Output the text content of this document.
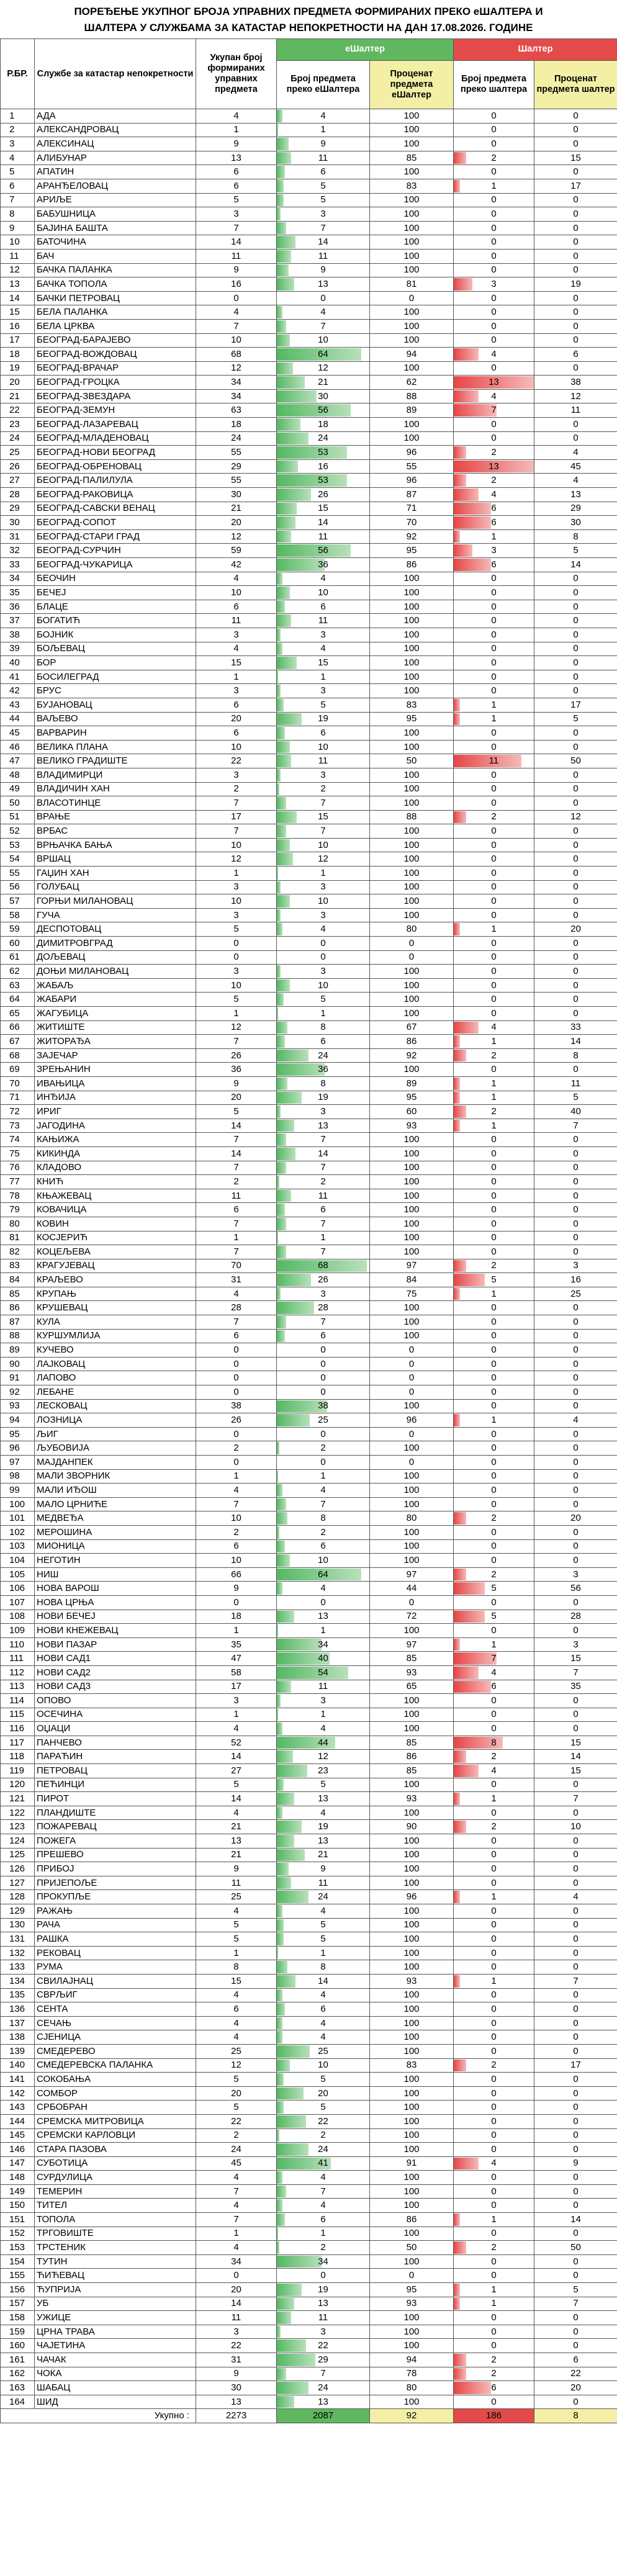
ПОРЕЂЕЊЕ УКУПНОГ БРОЈА УПРАВНИХ ПРЕДМЕТА ФОРМИРАНИХ ПРЕКО еШАЛТЕРА И
ШАЛТЕРА У СЛУЖБАМА ЗА КАТАСТАР НЕПОКРЕТНОСТИ НА ДАН 17.08.2026. ГОДИНЕ
Р.БР.	Службе за катастар непокретности	Укупан број формираних управних предмета	еШалтер		Шалтер	
			Број предмета преко еШалтера	Проценат предмета еШалтер	Број предмета преко шалтера	Проценат предмета шалтер
1	АДА	4	4	100	0	0
2	АЛЕКСАНДРОВАЦ	1	1	100	0	0
3	АЛЕКСИНАЦ	9	9	100	0	0
4	АЛИБУНАР	13	11	85	2	15
5	АПАТИН	6	6	100	0	0
6	АРАНЂЕЛОВАЦ	6	5	83	1	17
7	АРИЉЕ	5	5	100	0	0
8	БАБУШНИЦА	3	3	100	0	0
9	БАЈИНА БАШТА	7	7	100	0	0
10	БАТОЧИНА	14	14	100	0	0
11	БАЧ	11	11	100	0	0
12	БАЧКА ПАЛАНКА	9	9	100	0	0
13	БАЧКА ТОПОЛА	16	13	81	3	19
14	БАЧКИ ПЕТРОВАЦ	0	0	0	0	0
15	БЕЛА ПАЛАНКА	4	4	100	0	0
16	БЕЛА ЦРКВА	7	7	100	0	0
17	БЕОГРАД-БАРАЈЕВО	10	10	100	0	0
18	БЕОГРАД-ВОЖДОВАЦ	68	64	94	4	6
19	БЕОГРАД-ВРАЧАР	12	12	100	0	0
20	БЕОГРАД-ГРОЦКА	34	21	62	13	38
21	БЕОГРАД-ЗВЕЗДАРА	34	30	88	4	12
22	БЕОГРАД-ЗЕМУН	63	56	89	7	11
23	БЕОГРАД-ЛАЗАРЕВАЦ	18	18	100	0	0
24	БЕОГРАД-МЛАДЕНОВАЦ	24	24	100	0	0
25	БЕОГРАД-НОВИ БЕОГРАД	55	53	96	2	4
26	БЕОГРАД-ОБРЕНОВАЦ	29	16	55	13	45
27	БЕОГРАД-ПАЛИЛУЛА	55	53	96	2	4
28	БЕОГРАД-РАКОВИЦА	30	26	87	4	13
29	БЕОГРАД-САВСКИ ВЕНАЦ	21	15	71	6	29
30	БЕОГРАД-СОПОТ	20	14	70	6	30
31	БЕОГРАД-СТАРИ ГРАД	12	11	92	1	8
32	БЕОГРАД-СУРЧИН	59	56	95	3	5
33	БЕОГРАД-ЧУКАРИЦА	42	36	86	6	14
34	БЕОЧИН	4	4	100	0	0
35	БЕЧЕЈ	10	10	100	0	0
36	БЛАЦЕ	6	6	100	0	0
37	БОГАТИЋ	11	11	100	0	0
38	БОЈНИК	3	3	100	0	0
39	БОЉЕВАЦ	4	4	100	0	0
40	БОР	15	15	100	0	0
41	БОСИЛЕГРАД	1	1	100	0	0
42	БРУС	3	3	100	0	0
43	БУЈАНОВАЦ	6	5	83	1	17
44	ВАЉЕВО	20	19	95	1	5
45	ВАРВАРИН	6	6	100	0	0
46	ВЕЛИКА ПЛАНА	10	10	100	0	0
47	ВЕЛИКО ГРАДИШТЕ	22	11	50	11	50
48	ВЛАДИМИРЦИ	3	3	100	0	0
49	ВЛАДИЧИН ХАН	2	2	100	0	0
50	ВЛАСОТИНЦЕ	7	7	100	0	0
51	ВРАЊЕ	17	15	88	2	12
52	ВРБАС	7	7	100	0	0
53	ВРЊАЧКА БАЊА	10	10	100	0	0
54	ВРШАЦ	12	12	100	0	0
55	ГАЏИН ХАН	1	1	100	0	0
56	ГОЛУБАЦ	3	3	100	0	0
57	ГОРЊИ МИЛАНОВАЦ	10	10	100	0	0
58	ГУЧА	3	3	100	0	0
59	ДЕСПОТОВАЦ	5	4	80	1	20
60	ДИМИТРОВГРАД	0	0	0	0	0
61	ДОЉЕВАЦ	0	0	0	0	0
62	ДОЊИ МИЛАНОВАЦ	3	3	100	0	0
63	ЖАБАЉ	10	10	100	0	0
64	ЖАБАРИ	5	5	100	0	0
65	ЖАГУБИЦА	1	1	100	0	0
66	ЖИТИШТЕ	12	8	67	4	33
67	ЖИТОРАЂА	7	6	86	1	14
68	ЗАЈЕЧАР	26	24	92	2	8
69	ЗРЕЊАНИН	36	36	100	0	0
70	ИВАЊИЦА	9	8	89	1	11
71	ИНЂИЈА	20	19	95	1	5
72	ИРИГ	5	3	60	2	40
73	ЈАГОДИНА	14	13	93	1	7
74	КАЊИЖА	7	7	100	0	0
75	КИКИНДА	14	14	100	0	0
76	КЛАДОВО	7	7	100	0	0
77	КНИЋ	2	2	100	0	0
78	КЊАЖЕВАЦ	11	11	100	0	0
79	КОВАЧИЦА	6	6	100	0	0
80	КОВИН	7	7	100	0	0
81	КОСЈЕРИЋ	1	1	100	0	0
82	КОЦЕЉЕВА	7	7	100	0	0
83	КРАГУЈЕВАЦ	70	68	97	2	3
84	КРАЉЕВО	31	26	84	5	16
85	КРУПАЊ	4	3	75	1	25
86	КРУШЕВАЦ	28	28	100	0	0
87	КУЛА	7	7	100	0	0
88	КУРШУМЛИЈА	6	6	100	0	0
89	КУЧЕВО	0	0	0	0	0
90	ЛАЈКОВАЦ	0	0	0	0	0
91	ЛАПОВО	0	0	0	0	0
92	ЛЕБАНЕ	0	0	0	0	0
93	ЛЕСКОВАЦ	38	38	100	0	0
94	ЛОЗНИЦА	26	25	96	1	4
95	ЉИГ	0	0	0	0	0
96	ЉУБОВИЈА	2	2	100	0	0
97	МАЈДАНПЕК	0	0	0	0	0
98	МАЛИ ЗВОРНИК	1	1	100	0	0
99	МАЛИ ИЂОШ	4	4	100	0	0
100	МАЛО ЦРНИЋЕ	7	7	100	0	0
101	МЕДВЕЂА	10	8	80	2	20
102	МЕРОШИНА	2	2	100	0	0
103	МИОНИЦА	6	6	100	0	0
104	НЕГОТИН	10	10	100	0	0
105	НИШ	66	64	97	2	3
106	НОВА ВАРОШ	9	4	44	5	56
107	НОВА ЦРЊА	0	0	0	0	0
108	НОВИ БЕЧЕЈ	18	13	72	5	28
109	НОВИ КНЕЖЕВАЦ	1	1	100	0	0
110	НОВИ ПАЗАР	35	34	97	1	3
111	НОВИ САД1	47	40	85	7	15
112	НОВИ САД2	58	54	93	4	7
113	НОВИ САД3	17	11	65	6	35
114	ОПОВО	3	3	100	0	0
115	ОСЕЧИНА	1	1	100	0	0
116	ОЏАЦИ	4	4	100	0	0
117	ПАНЧЕВО	52	44	85	8	15
118	ПАРАЋИН	14	12	86	2	14
119	ПЕТРОВАЦ	27	23	85	4	15
120	ПЕЋИНЦИ	5	5	100	0	0
121	ПИРОТ	14	13	93	1	7
122	ПЛАНДИШТЕ	4	4	100	0	0
123	ПОЖАРЕВАЦ	21	19	90	2	10
124	ПОЖЕГА	13	13	100	0	0
125	ПРЕШЕВО	21	21	100	0	0
126	ПРИБОЈ	9	9	100	0	0
127	ПРИЈЕПОЉЕ	11	11	100	0	0
128	ПРОКУПЉЕ	25	24	96	1	4
129	РАЖАЊ	4	4	100	0	0
130	РАЧА	5	5	100	0	0
131	РАШКА	5	5	100	0	0
132	РЕКОВАЦ	1	1	100	0	0
133	РУМА	8	8	100	0	0
134	СВИЛАЈНАЦ	15	14	93	1	7
135	СВРЉИГ	4	4	100	0	0
136	СЕНТА	6	6	100	0	0
137	СЕЧАЊ	4	4	100	0	0
138	СЈЕНИЦА	4	4	100	0	0
139	СМЕДЕРЕВО	25	25	100	0	0
140	СМЕДЕРЕВСКА ПАЛАНКА	12	10	83	2	17
141	СОКОБАЊА	5	5	100	0	0
142	СОМБОР	20	20	100	0	0
143	СРБОБРАН	5	5	100	0	0
144	СРЕМСКА МИТРОВИЦА	22	22	100	0	0
145	СРЕМСКИ КАРЛОВЦИ	2	2	100	0	0
146	СТАРА ПАЗОВА	24	24	100	0	0
147	СУБОТИЦА	45	41	91	4	9
148	СУРДУЛИЦА	4	4	100	0	0
149	ТЕМЕРИН	7	7	100	0	0
150	ТИТЕЛ	4	4	100	0	0
151	ТОПОЛА	7	6	86	1	14
152	ТРГОВИШТЕ	1	1	100	0	0
153	ТРСТЕНИК	4	2	50	2	50
154	ТУТИН	34	34	100	0	0
155	ЋИЋЕВАЦ	0	0	0	0	0
156	ЋУПРИЈА	20	19	95	1	5
157	УБ	14	13	93	1	7
158	УЖИЦЕ	11	11	100	0	0
159	ЦРНА ТРАВА	3	3	100	0	0
160	ЧАЈЕТИНА	22	22	100	0	0
161	ЧАЧАК	31	29	94	2	6
162	ЧОКА	9	7	78	2	22
163	ШАБАЦ	30	24	80	6	20
164	ШИД	13	13	100	0	0
Укупно :		2273	2087	92	186	8
